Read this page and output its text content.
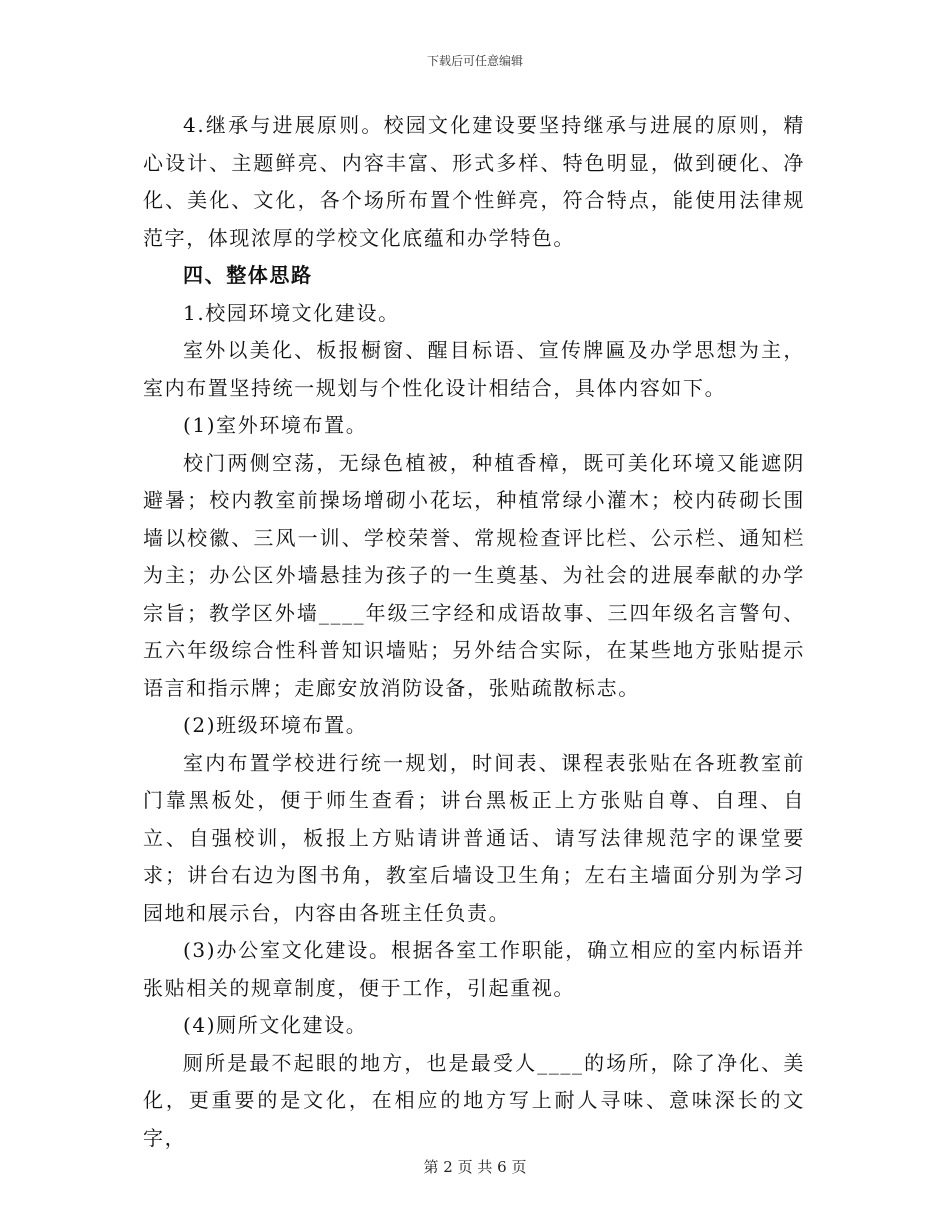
下载后可任意编辑

4.继承与进展原则。校园文化建设要坚持继承与进展的原则，精心设计、主题鲜亮、内容丰富、形式多样、特色明显，做到硬化、净化、美化、文化，各个场所布置个性鲜亮，符合特点，能使用法律规范字，体现浓厚的学校文化底蕴和办学特色。

四、整体思路

1.校园环境文化建设。

室外以美化、板报橱窗、醒目标语、宣传牌匾及办学思想为主，室内布置坚持统一规划与个性化设计相结合，具体内容如下。

(1)室外环境布置。

校门两侧空荡，无绿色植被，种植香樟，既可美化环境又能遮阴避暑；校内教室前操场增砌小花坛，种植常绿小灌木；校内砖砌长围墙以校徽、三风一训、学校荣誉、常规检查评比栏、公示栏、通知栏为主；办公区外墙悬挂为孩子的一生奠基、为社会的进展奉献的办学宗旨；教学区外墙____年级三字经和成语故事、三四年级名言警句、五六年级综合性科普知识墙贴；另外结合实际，在某些地方张贴提示语言和指示牌；走廊安放消防设备，张贴疏散标志。

(2)班级环境布置。

室内布置学校进行统一规划，时间表、课程表张贴在各班教室前门靠黑板处，便于师生查看；讲台黑板正上方张贴自尊、自理、自立、自强校训，板报上方贴请讲普通话、请写法律规范字的课堂要求；讲台右边为图书角，教室后墙设卫生角；左右主墙面分别为学习园地和展示台，内容由各班主任负责。

(3)办公室文化建设。根据各室工作职能，确立相应的室内标语并张贴相关的规章制度，便于工作，引起重视。

(4)厕所文化建设。

厕所是最不起眼的地方，也是最受人____的场所，除了净化、美化，更重要的是文化，在相应的地方写上耐人寻味、意味深长的文字，

第 2 页 共 6 页
